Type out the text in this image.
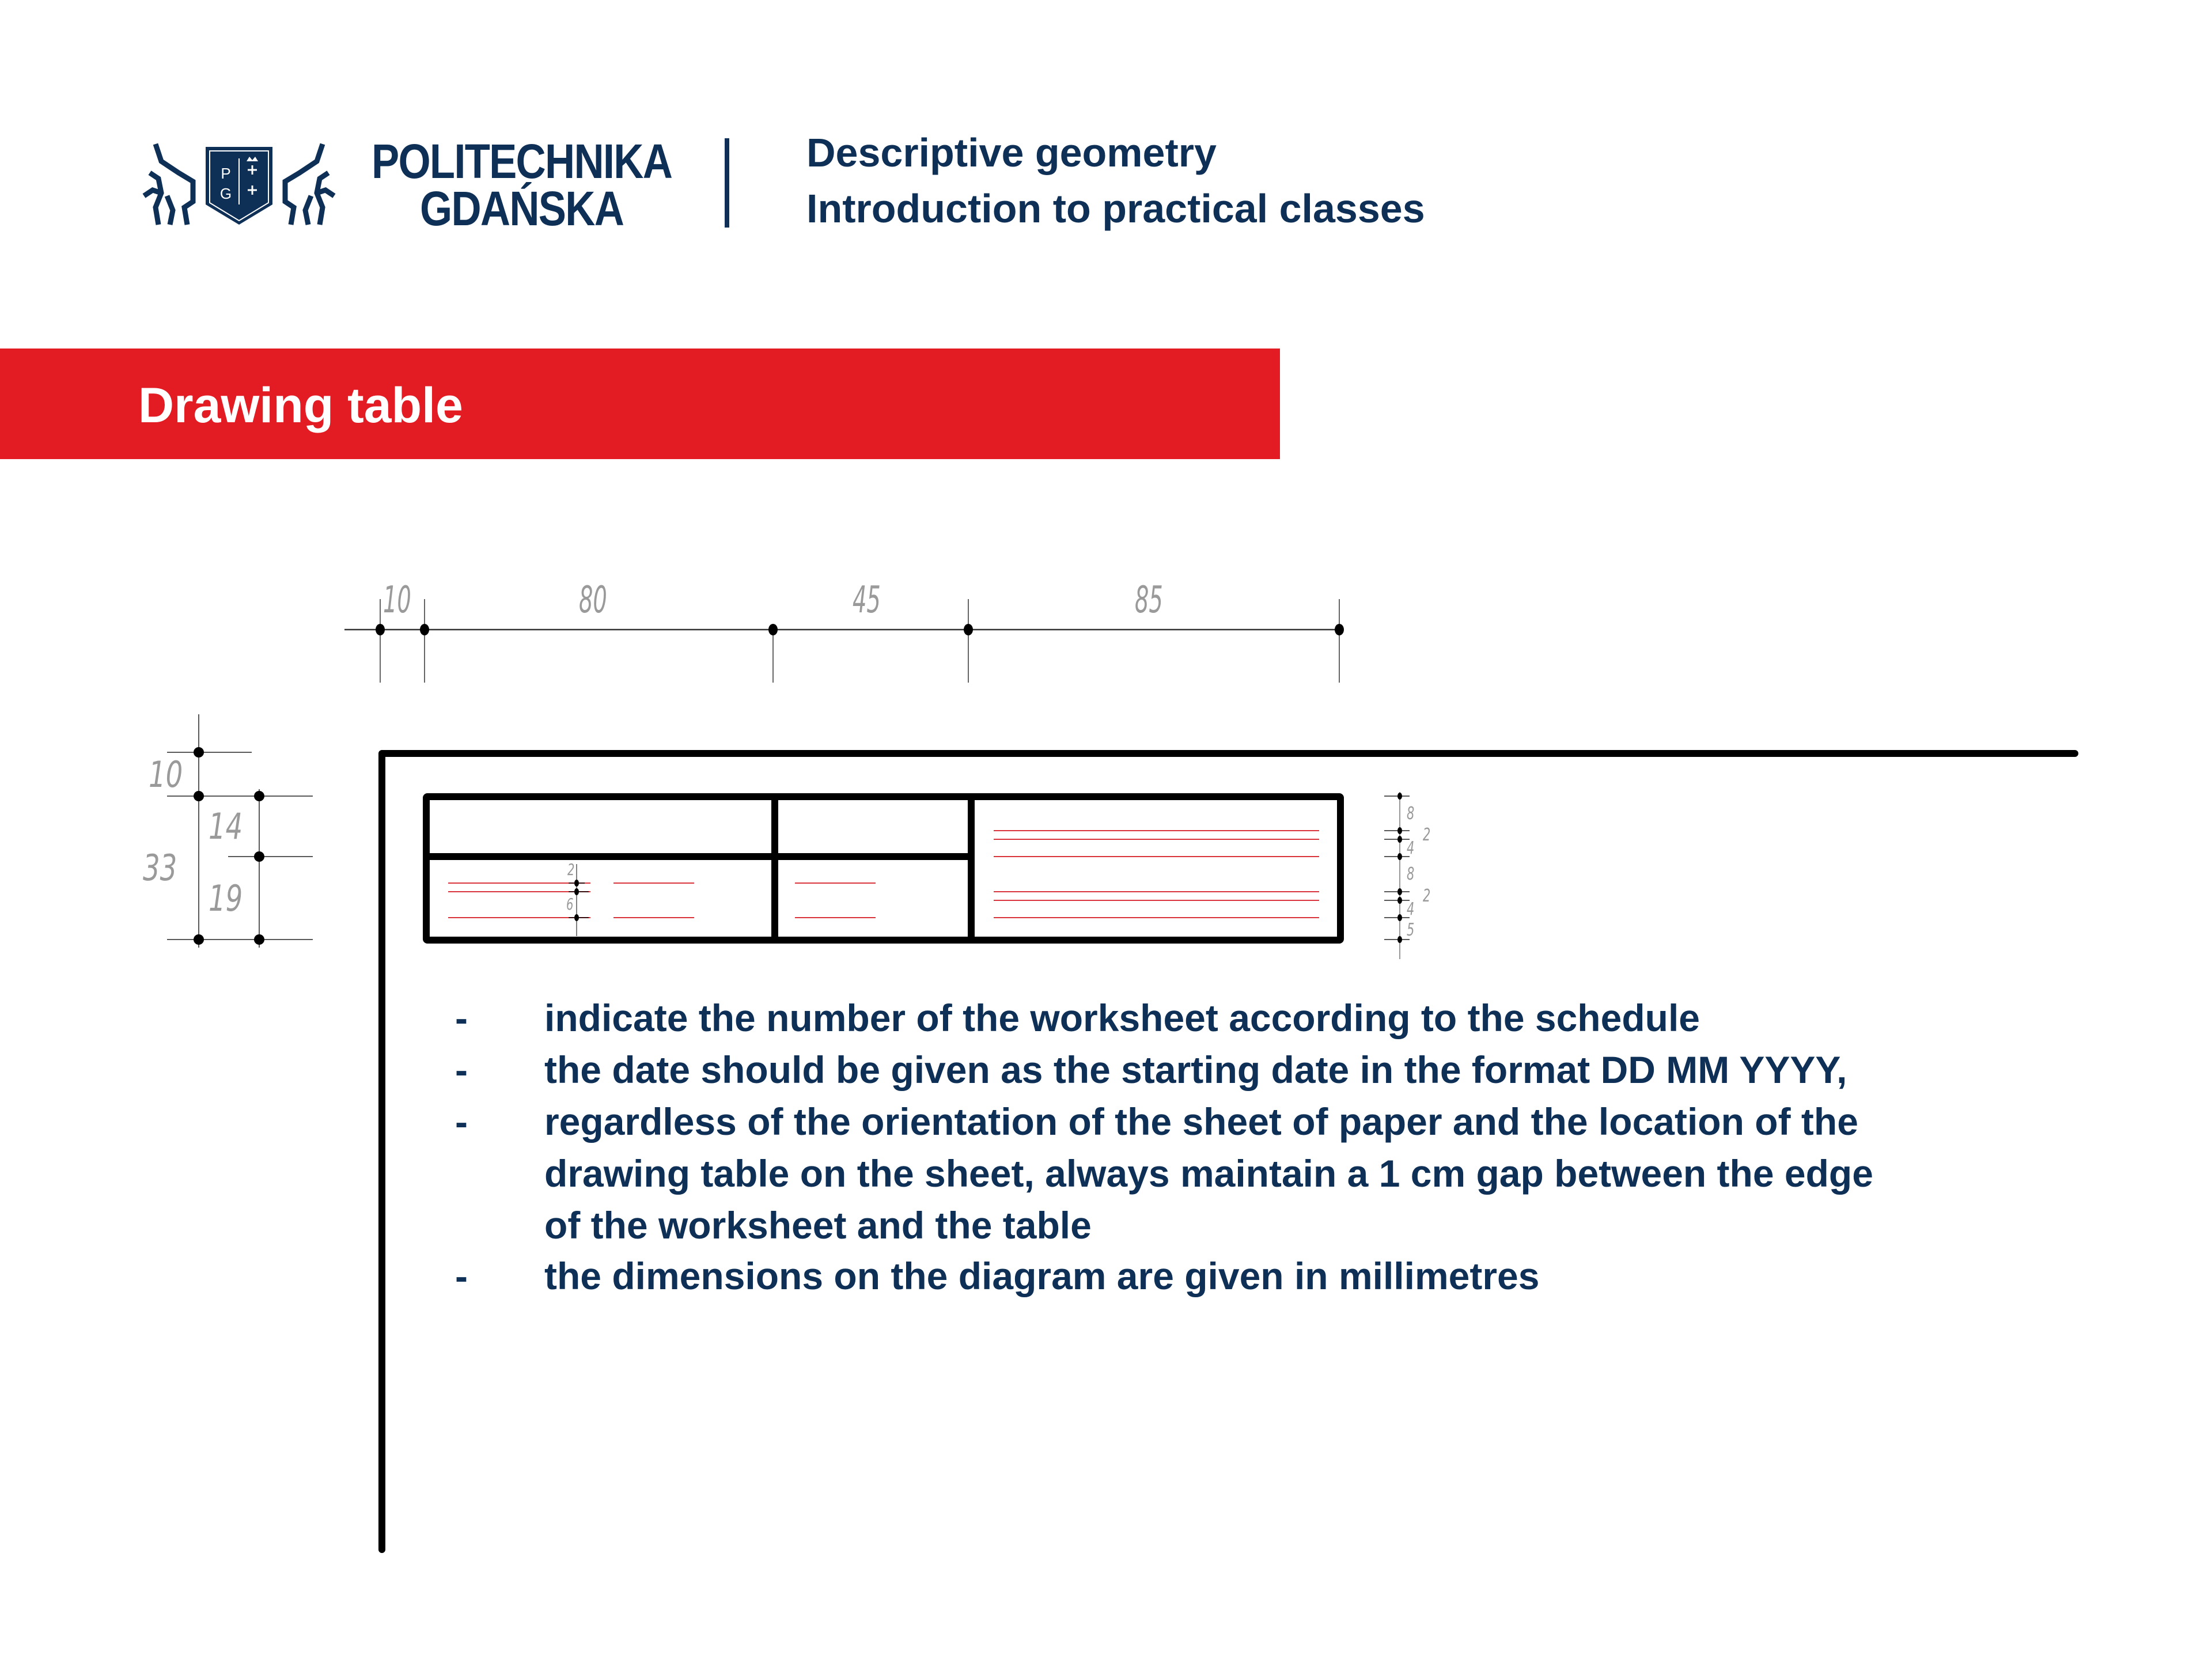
P
G
POLITECHNIKA
GDAŃSKA
Descriptive geometry
Introduction to practical classes
Drawing table
10	80	45	85
10
33
14
19
2
6
8
2
4
8
2
4
5
- indicate the number of the worksheet according to the schedule
- the date should be given as the starting date in the format DD MM YYYY,
- regardless of the orientation of the sheet of paper and the location of the
drawing table on the sheet, always maintain a 1 cm gap between the edge
of the worksheet and the table
- the dimensions on the diagram are given in millimetres
